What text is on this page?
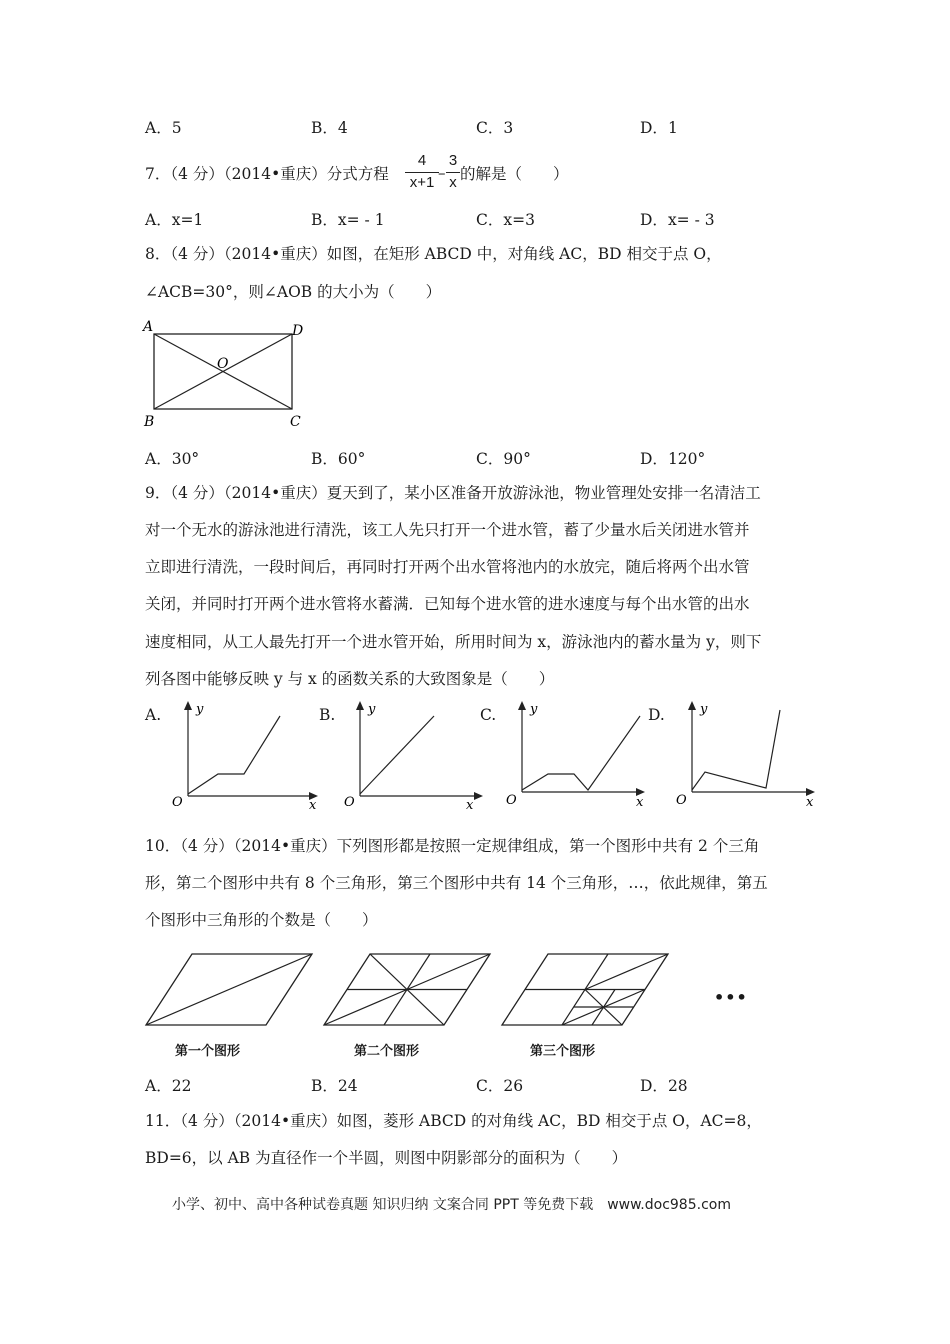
A．5	B．4	C．3	D．1
7．（4 分）（2014•重庆）分式方程
4
x+1
–
3
x 的解是（　　）
A．x=1	B．x= - 1	C．x=3	D．x= - 3
8．（4 分）（2014•重庆）如图，在矩形 ABCD 中，对角线 AC，BD 相交于点 O，
∠ACB=30°，则∠AOB 的大小为（　　）
A	D
O
B	C
A．30°	B．60°	C．90°	D．120°
9．（4 分）（2014•重庆）夏天到了，某小区准备开放游泳池，物业管理处安排一名清洁工
对一个无水的游泳池进行清洗，该工人先只打开一个进水管，蓄了少量水后关闭进水管并
立即进行清洗，一段时间后，再同时打开两个出水管将池内的水放完，随后将两个出水管
关闭，并同时打开两个进水管将水蓄满．已知每个进水管的进水速度与每个出水管的出水
速度相同，从工人最先打开一个进水管开始，所用时间为 x，游泳池内的蓄水量为 y，则下
列各图中能够反映 y 与 x 的函数关系的大致图象是（　　）
A.	B.	C.	D.
O	x
y
O	x
y
O	x
y
O	x
y
10．（4 分）（2014•重庆）下列图形都是按照一定规律组成，第一个图形中共有 2 个三角
形，第二个图形中共有 8 个三角形，第三个图形中共有 14 个三角形，…，依此规律，第五
个图形中三角形的个数是（　　）
第一个图形	第二个图形	第三个图形
•••
A．22	B．24	C．26	D．28
11．（4 分）（2014•重庆）如图，菱形 ABCD 的对角线 AC，BD 相交于点 O，AC=8，
BD=6，以 AB 为直径作一个半圆，则图中阴影部分的面积为（　　）
小学、初中、高中各种试卷真题 知识归纳 文案合同 PPT 等免费下载　www.doc985.com
